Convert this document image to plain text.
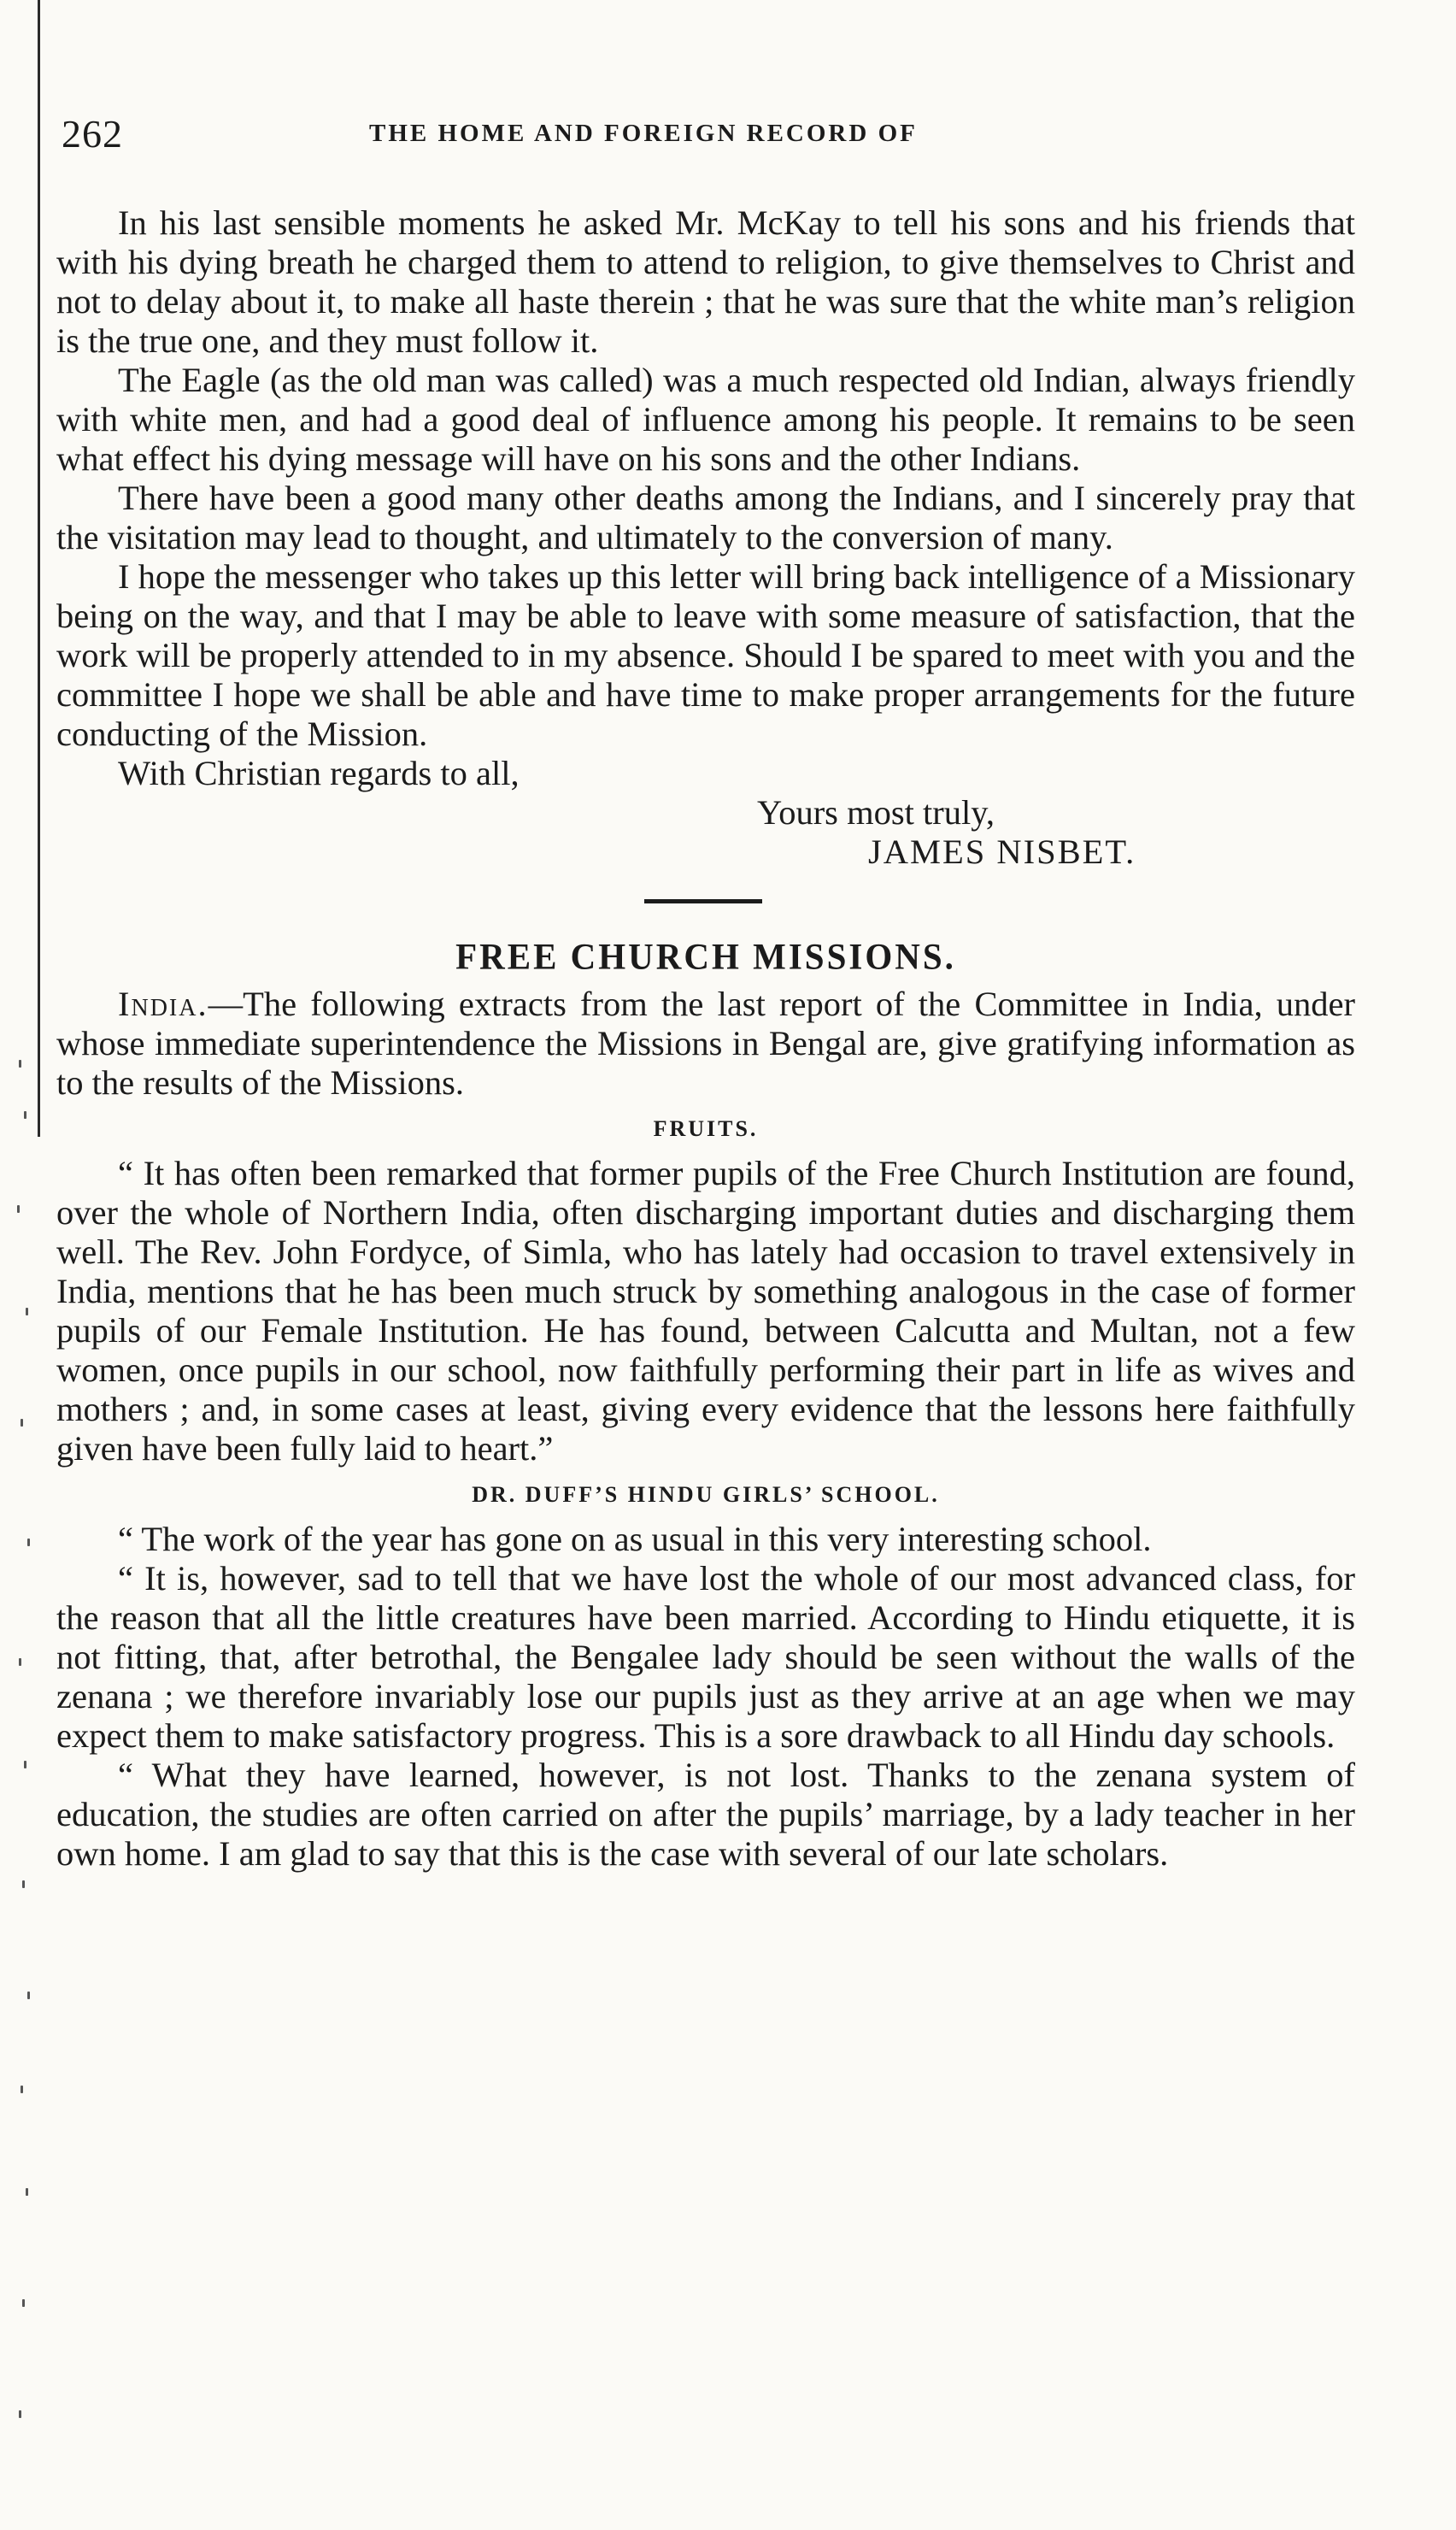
262	THE HOME AND FOREIGN RECORD OF

In his last sensible moments he asked Mr. McKay to tell his sons and his friends that with his dying breath he charged them to attend to religion, to give themselves to Christ and not to delay about it, to make all haste therein ; that he was sure that the white man’s religion is the true one, and they must follow it.

The Eagle (as the old man was called) was a much respected old Indian, always friendly with white men, and had a good deal of influence among his people. It remains to be seen what effect his dying message will have on his sons and the other Indians.

There have been a good many other deaths among the Indians, and I sincerely pray that the visitation may lead to thought, and ultimately to the conversion of many.

I hope the messenger who takes up this letter will bring back intelligence of a Missionary being on the way, and that I may be able to leave with some measure of satisfaction, that the work will be properly attended to in my absence. Should I be spared to meet with you and the committee I hope we shall be able and have time to make proper arrangements for the future conducting of the Mission.

With Christian regards to all,

Yours most truly,

JAMES NISBET.

FREE CHURCH MISSIONS.

India.—The following extracts from the last report of the Committee in India, under whose immediate superintendence the Missions in Bengal are, give gratifying information as to the results of the Missions.

FRUITS.

“ It has often been remarked that former pupils of the Free Church Institution are found, over the whole of Northern India, often discharging important duties and discharging them well. The Rev. John Fordyce, of Simla, who has lately had occasion to travel extensively in India, mentions that he has been much struck by something analogous in the case of former pupils of our Female Institution. He has found, between Calcutta and Multan, not a few women, once pupils in our school, now faithfully performing their part in life as wives and mothers ; and, in some cases at least, giving every evidence that the lessons here faithfully given have been fully laid to heart.”

DR. DUFF’S HINDU GIRLS’ SCHOOL.

“ The work of the year has gone on as usual in this very interesting school.

“ It is, however, sad to tell that we have lost the whole of our most advanced class, for the reason that all the little creatures have been married. According to Hindu etiquette, it is not fitting, that, after betrothal, the Bengalee lady should be seen without the walls of the zenana ; we therefore invariably lose our pupils just as they arrive at an age when we may expect them to make satisfactory progress. This is a sore drawback to all Hindu day schools.

“ What they have learned, however, is not lost. Thanks to the zenana system of education, the studies are often carried on after the pupils’ marriage, by a lady teacher in her own home. I am glad to say that this is the case with several of our late scholars.
